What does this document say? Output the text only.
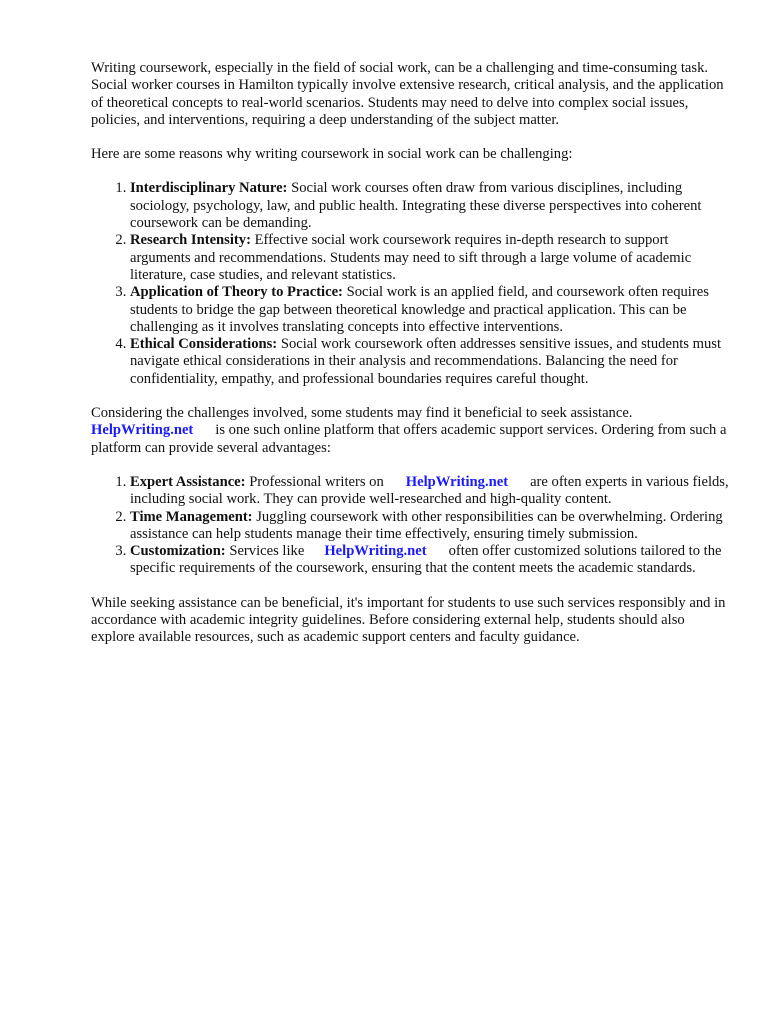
Writing coursework, especially in the field of social work, can be a challenging and time-consuming task. Social worker courses in Hamilton typically involve extensive research, critical analysis, and the application of theoretical concepts to real-world scenarios. Students may need to delve into complex social issues, policies, and interventions, requiring a deep understanding of the subject matter.

Here are some reasons why writing coursework in social work can be challenging:

1. Interdisciplinary Nature: Social work courses often draw from various disciplines, including sociology, psychology, law, and public health. Integrating these diverse perspectives into coherent coursework can be demanding.
2. Research Intensity: Effective social work coursework requires in-depth research to support arguments and recommendations. Students may need to sift through a large volume of academic literature, case studies, and relevant statistics.
3. Application of Theory to Practice: Social work is an applied field, and coursework often requires students to bridge the gap between theoretical knowledge and practical application. This can be challenging as it involves translating concepts into effective interventions.
4. Ethical Considerations: Social work coursework often addresses sensitive issues, and students must navigate ethical considerations in their analysis and recommendations. Balancing the need for confidentiality, empathy, and professional boundaries requires careful thought.

Considering the challenges involved, some students may find it beneficial to seek assistance.
HelpWriting.net is one such online platform that offers academic support services. Ordering from such a platform can provide several advantages:

1. Expert Assistance: Professional writers on HelpWriting.net are often experts in various fields, including social work. They can provide well-researched and high-quality content.
2. Time Management: Juggling coursework with other responsibilities can be overwhelming. Ordering assistance can help students manage their time effectively, ensuring timely submission.
3. Customization: Services like HelpWriting.net often offer customized solutions tailored to the specific requirements of the coursework, ensuring that the content meets the academic standards.

While seeking assistance can be beneficial, it's important for students to use such services responsibly and in accordance with academic integrity guidelines. Before considering external help, students should also explore available resources, such as academic support centers and faculty guidance.
